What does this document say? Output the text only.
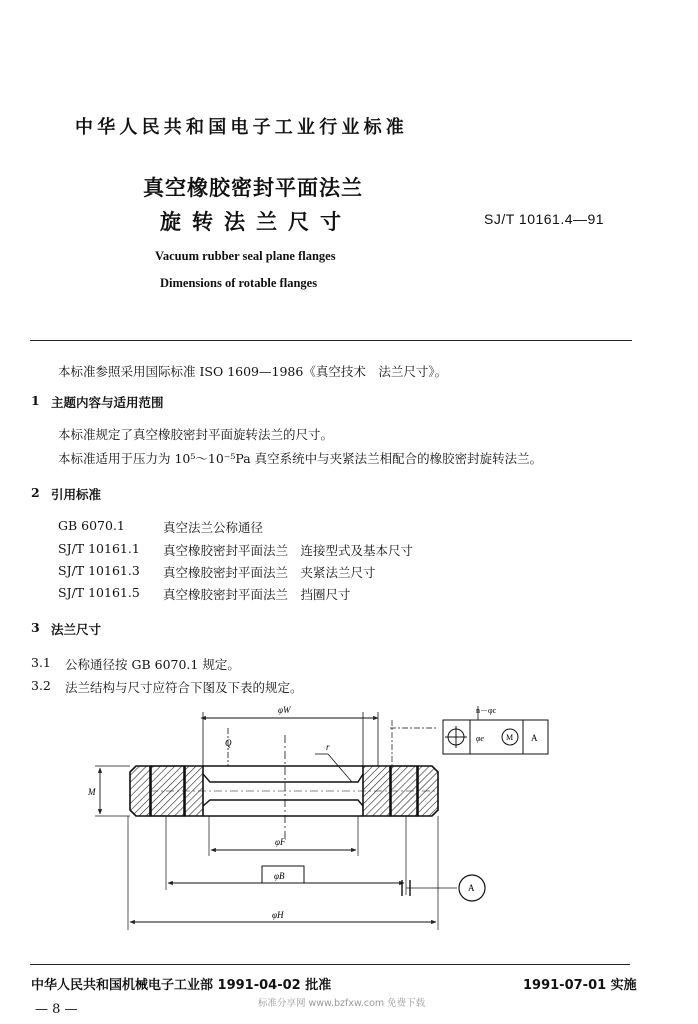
中华人民共和国电子工业行业标准
真空橡胶密封平面法兰
旋转法兰尺寸	SJ/T 10161.4—91
Vacuum rubber seal plane flanges
Dimensions of rotable flanges
本标准参照采用国际标准 ISO 1609—1986《真空技术　法兰尺寸》。
1 主题内容与适用范围
本标准规定了真空橡胶密封平面旋转法兰的尺寸。
本标准适用于压力为 10⁵～10⁻⁵Pa 真空系统中与夹紧法兰相配合的橡胶密封旋转法兰。
2 引用标准
GB 6070.1	真空法兰公称通径
SJ/T 10161.1 真空橡胶密封平面法兰　连接型式及基本尺寸
SJ/T 10161.3 真空橡胶密封平面法兰　夹紧法兰尺寸
SJ/T 10161.5 真空橡胶密封平面法兰　挡圈尺寸
3 法兰尺寸
3.1 公称通径按 GB 6070.1 规定。
3.2 法兰结构与尺寸应符合下图及下表的规定。
φW
Q	r
M
φF
φB
A
φH
n－φc
φe	M A
中华人民共和国机械电子工业部 1991-04-02 批准	1991-07-01 实施
标准分享网 www.bzfxw.com 免费下载
— 8 —
